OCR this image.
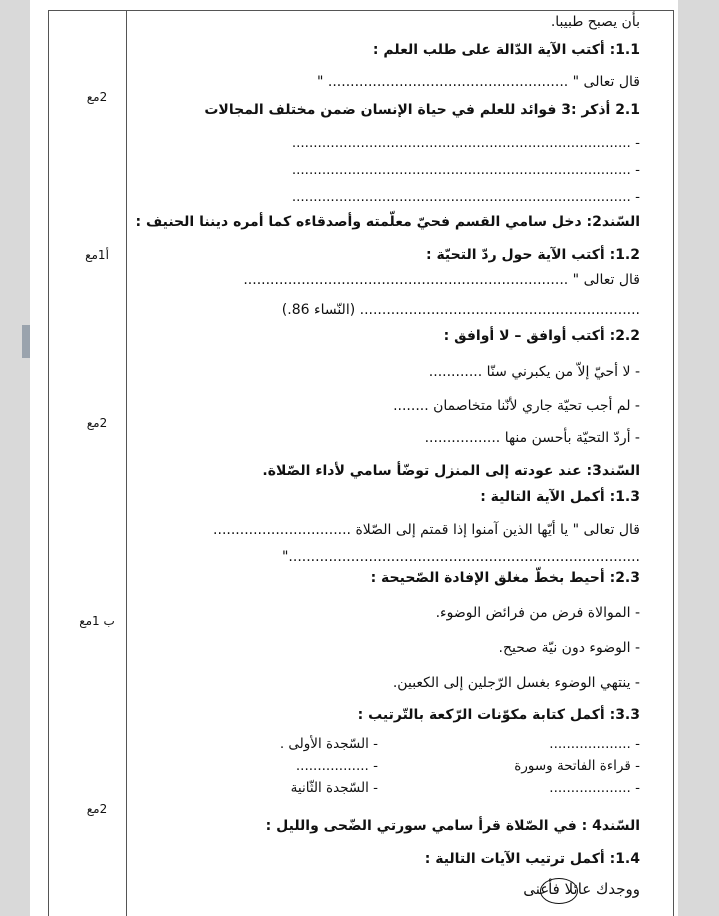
2مع
أ1مع
2مع
ب 1مع
2مع
بأن يصبح طبيبا.
1.1: أكتب الآية الدّالة على طلب العلم :
قال تعالى " ...................................................... "
2.1 أذكر :3 فوائد للعلم في حياة الإنسان ضمن مختلف المجالات
- ...............................................................................
- ...............................................................................
- ...............................................................................
السّند2: دخل سامي القسم فحيّ معلّمته وأصدقاءه كما أمره ديننا الحنيف :
1.2: أكتب الآية حول ردّ التحيّة :
قال تعالى " .........................................................................
............................................................... (النّساء 86.)
2.2: أكتب أوافق – لا أوافق :
- لا أحيّ إلاّ من يكبرني سنّا ............
- لم أجب تحيّة جاري لأنّنا متخاصمان ........
- أردّ التحيّة بأحسن منها .................
السّند3: عند عودته إلى المنزل توضّأ سامي لأداء الصّلاة.
1.3: أكمل الآية التالية :
قال تعالى " يا أيّها الذين آمنوا إذا قمتم إلى الصّلاة ...............................
..............................................................................."
2.3: أحيط بخطّ مغلق الإفادة الصّحيحة :
- الموالاة فرض من فرائض الوضوء.
- الوضوء دون نيّة صحيح.
- ينتهي الوضوء بغسل الرّجلين إلى الكعبين.
3.3: أكمل كتابة مكوّنات الرّكعة بالتّرتيب :
- ...................
- السّجدة الأولى .
- قراءة الفاتحة وسورة
- .................
- ...................
- السّجدة الثّانية
السّند4 : في الصّلاة قرأ سامي سورتي الضّحى والليل :
1.4: أكمل ترتيب الآيات التالية :
ووجدك عائلا فأغنى
